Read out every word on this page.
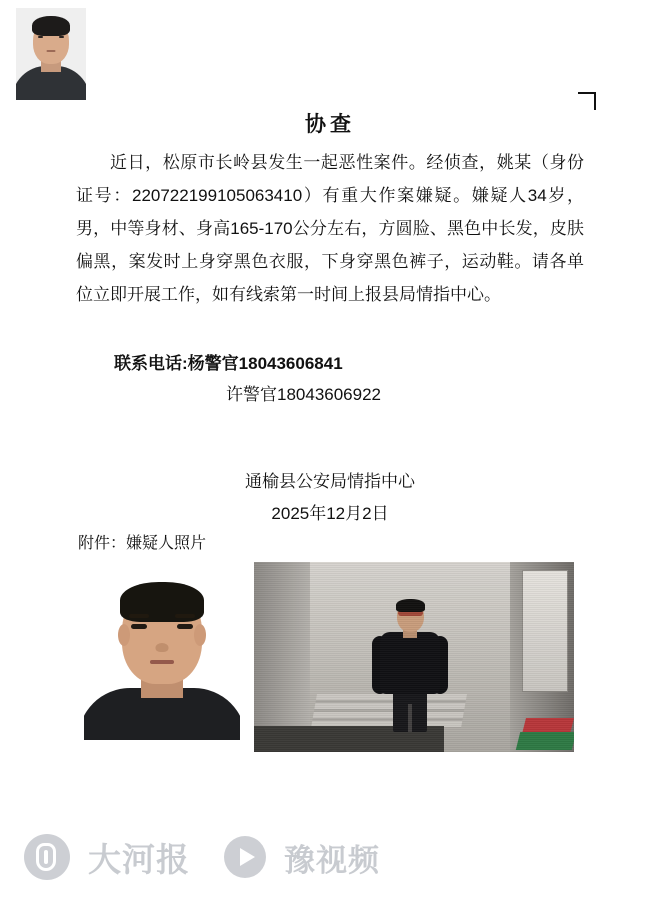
协查
近日，松原市长岭县发生一起恶性案件。经侦查，姚某（身份证号：220722199105063410）有重大作案嫌疑。嫌疑人34岁，男，中等身材、身高165-170公分左右，方圆脸、黑色中长发，皮肤偏黑，案发时上身穿黑色衣服，下身穿黑色裤子，运动鞋。请各单位立即开展工作，如有线索第一时间上报县局情指中心。
联系电话:杨警官18043606841
许警官18043606922
通榆县公安局情指中心
2025年12月2日
附件：嫌疑人照片
大河报	豫视频
